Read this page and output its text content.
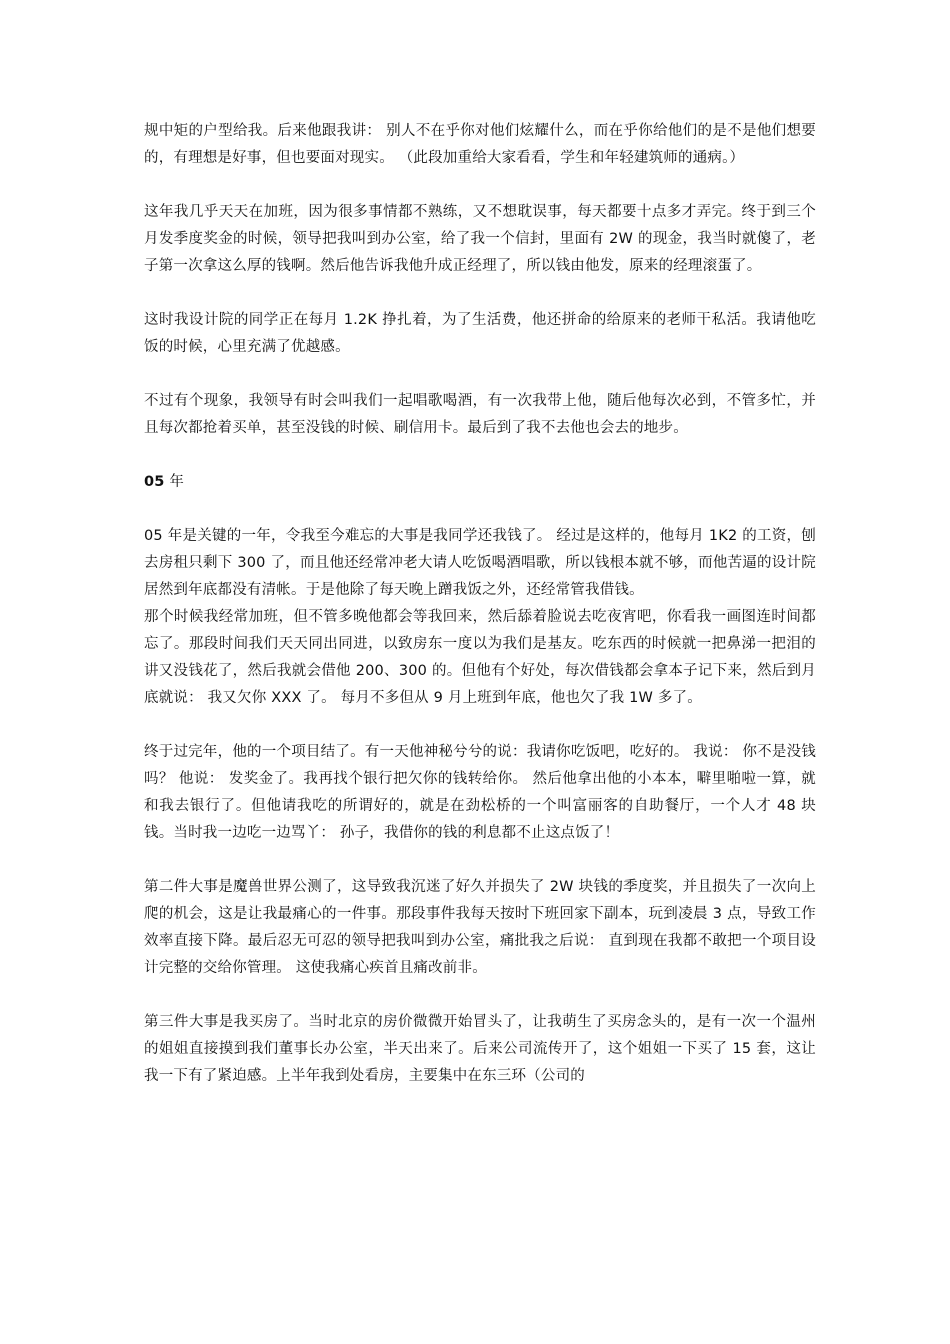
规中矩的户型给我。后来他跟我讲： 别人不在乎你对他们炫耀什么，而在乎你给他们的是不是他们想要的，有理想是好事，但也要面对现实。 （此段加重给大家看看，学生和年轻建筑师的通病。）

这年我几乎天天在加班，因为很多事情都不熟练，又不想耽误事，每天都要十点多才弄完。终于到三个月发季度奖金的时候，领导把我叫到办公室，给了我一个信封，里面有 2W 的现金，我当时就傻了，老子第一次拿这么厚的钱啊。然后他告诉我他升成正经理了，所以钱由他发，原来的经理滚蛋了。

这时我设计院的同学正在每月 1.2K 挣扎着，为了生活费，他还拼命的给原来的老师干私活。我请他吃饭的时候，心里充满了优越感。

不过有个现象，我领导有时会叫我们一起唱歌喝酒，有一次我带上他，随后他每次必到，不管多忙，并且每次都抢着买单，甚至没钱的时候、刷信用卡。最后到了我不去他也会去的地步。

05 年

05 年是关键的一年，令我至今难忘的大事是我同学还我钱了。 经过是这样的，他每月 1K2 的工资，刨去房租只剩下 300 了，而且他还经常冲老大请人吃饭喝酒唱歌，所以钱根本就不够，而他苦逼的设计院居然到年底都没有清帐。于是他除了每天晚上蹭我饭之外，还经常管我借钱。

那个时候我经常加班，但不管多晚他都会等我回来，然后舔着脸说去吃夜宵吧，你看我一画图连时间都忘了。那段时间我们天天同出同进，以致房东一度以为我们是基友。吃东西的时候就一把鼻涕一把泪的讲又没钱花了，然后我就会借他 200、300 的。但他有个好处，每次借钱都会拿本子记下来，然后到月底就说： 我又欠你 XXX 了。 每月不多但从 9 月上班到年底，他也欠了我 1W 多了。

终于过完年，他的一个项目结了。有一天他神秘兮兮的说：我请你吃饭吧，吃好的。 我说： 你不是没钱吗？ 他说： 发奖金了。我再找个银行把欠你的钱转给你。 然后他拿出他的小本本，噼里啪啦一算，就和我去银行了。但他请我吃的所谓好的，就是在劲松桥的一个叫富丽客的自助餐厅，一个人才 48 块钱。当时我一边吃一边骂丫： 孙子，我借你的钱的利息都不止这点饭了！

第二件大事是魔兽世界公测了，这导致我沉迷了好久并损失了 2W 块钱的季度奖，并且损失了一次向上爬的机会，这是让我最痛心的一件事。那段事件我每天按时下班回家下副本，玩到凌晨 3 点，导致工作效率直接下降。最后忍无可忍的领导把我叫到办公室，痛批我之后说： 直到现在我都不敢把一个项目设计完整的交给你管理。 这使我痛心疾首且痛改前非。

第三件大事是我买房了。当时北京的房价微微开始冒头了，让我萌生了买房念头的，是有一次一个温州的姐姐直接摸到我们董事长办公室，半天出来了。后来公司流传开了，这个姐姐一下买了 15 套，这让我一下有了紧迫感。上半年我到处看房，主要集中在东三环（公司的
